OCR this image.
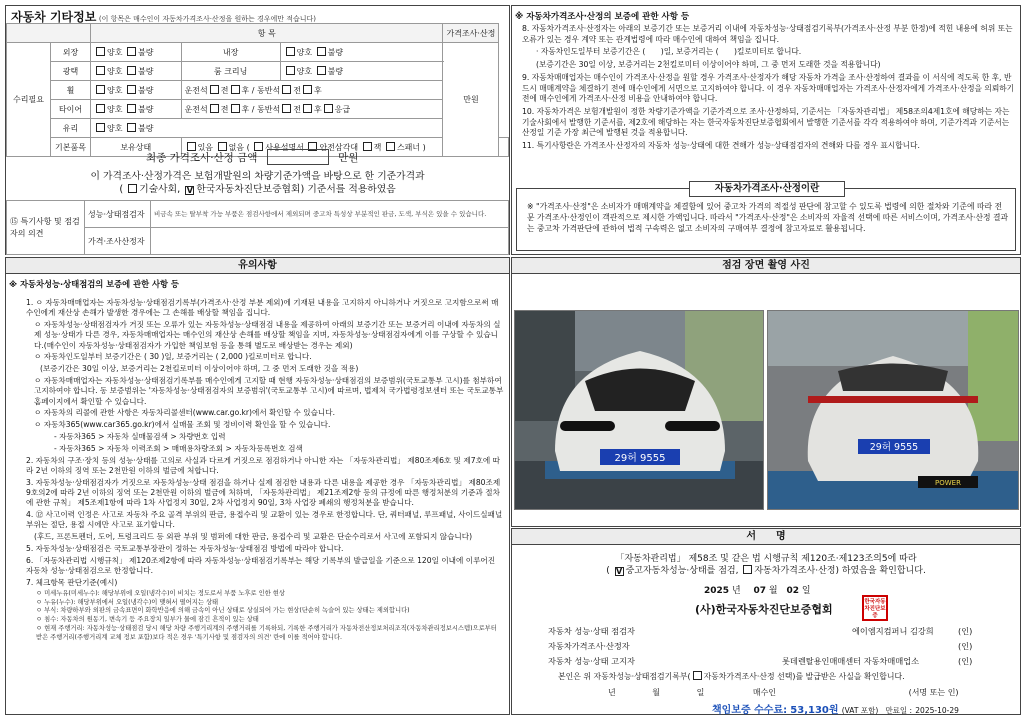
자동차 기타정보 (이 항목은 매수인이 자동차가격조사·산정을 원하는 경우에만 적습니다)
		항 목			가격조사·산정	
수리필요	외장	양호 불량	내장	양호 불량	만원	
	광택	양호 불량	룸 크리닝	양호 불량		
	휠	양호 불량	운전석 전 후 / 동반석 전 후			
	타이어	양호 불량	운전석 전 후 / 동반석 전 후 응급			
	유리	양호 불량				
	기본품목	보유상태	있음 없음 ( 사용설명서 안전삼각대 잭 스패너 )			
최종 가격조사·산정 금액	만원
이 가격조사·산정가격은 보험개발원의 차량기준가액을 바탕으로 한 기준가격과
( 기술사회, V 한국자동차진단보증협회) 기준서를 적용하였음
⑮ 특기사항 및 점검자의 의견	성능·상태점검자	비금속 또는 탈부착 가능 부품은 점검사항에서 제외되며 중고차 특성상 부분적인 판금, 도색, 부식은 있을 수 있습니다.
	가격·조사산정자	
※ 자동차가격조사·산정의 보증에 관한 사항 등

8. 자동차가격조사·산정자는 아래의 보증기간 또는 보증거리 이내에 자동차성능·상태점검기록부(가격조사·산정 부분 한정)에 적힌 내용에 허위 또는 오류가 있는 경우 계약 또는 관계법령에 따라 매수인에 대하여 책임을 집니다.

· 자동차인도일부터 보증기간은 (　　)일, 보증거리는 (　　)킬로미터로 합니다.

(보증기간은 30일 이상, 보증거리는 2천킬로미터 이상이어야 하며, 그 중 먼저 도래한 것을 적용합니다)

9. 자동차매매업자는 매수인이 가격조사·산정을 원할 경우 가격조사·산정자가 해당 자동차 가격을 조사·산정하여 결과를 이 서식에 적도록 한 후, 반드시 매매계약을 체결하기 전에 매수인에게 서면으로 고지하여야 합니다. 이 경우 자동차매매업자는 가격조사·산정자에게 가격조사·산정을 의뢰하기 전에 매수인에게 가격조사·산정 비용을 안내하여야 합니다.

10. 자동차가격은 보험개발원이 정한 차량기준가액을 기준가격으로 조사·산정하되, 기준서는 「자동차관리법」 제58조의4제1호에 해당하는 자는 기술사회에서 발행한 기준서를, 제2호에 해당하는 자는 한국자동차진단보증협회에서 발행한 기준서를 각각 적용하여야 하며, 기준가격과 기준서는 산정일 기준 가장 최근에 발행된 것을 적용합니다.

11. 특기사항란은 가격조사·산정자의 자동차 성능·상태에 대한 견해가 성능·상태점검자의 견해와 다를 경우 표시합니다.

자동차가격조사·산정이란
※ "가격조사·산정"은 소비자가 매매계약을 체결함에 있어 중고차 가격의 적절성 판단에 참고할 수 있도록 법령에 의한 절차와 기준에 따라 전문 가격조사·산정인이 객관적으로 제시한 가액입니다. 따라서 "가격조사·산정"은 소비자의 자율적 선택에 따른 서비스이며, 가격조사·산정 결과는 중고차 가격판단에 관하여 법적 구속력은 없고 소비자의 구매여부 결정에 참고자료로 활용됩니다.
유의사항
※ 자동차성능·상태점검의 보증에 관한 사항 등

1. ㅇ 자동차매매업자는 자동차성능·상태점검기록부(가격조사·산정 부분 제외)에 기재된 내용을 고지하지 아니하거나 거짓으로 고지함으로써 매수인에게 재산상 손해가 발생한 경우에는 그 손해를 배상할 책임을 집니다.

ㅇ 자동차성능·상태점검자가 거짓 또는 오류가 있는 자동차성능·상태점검 내용을 제공하여 아래의 보증기간 또는 보증거리 이내에 자동차의 실제 성능·상태가 다른 경우, 자동차매매업자는 매수인의 재산상 손해를 배상할 책임을 지며, 자동차성능·상태점검자에게 이를 구상할 수 있습니다.(매수인이 자동차성능·상태점검자가 가입한 책임보험 등을 통해 별도로 배상받는 경우는 제외)

ㅇ 자동차인도일부터 보증기간은 ( 30 )일, 보증거리는 ( 2,000 )킬로미터로 합니다.

(보증기간은 30일 이상, 보증거리는 2천킬로미터 이상이어야 하며, 그 중 먼저 도래한 것을 적용)

ㅇ 자동차매매업자는 자동차성능·상태점검기록부를 매수인에게 고지할 때 현행 자동차성능·상태점검의 보증범위(국토교통부 고시)를 첨부하여 고지하여야 합니다. 동 보증범위는 '자동차성능·상태점검자의 보증범위'(국토교통부 고시)에 따르며, 법제처 국가법령정보센터 또는 국토교통부 홈페이지에서 확인할 수 있습니다.

ㅇ 자동차의 리콜에 관한 사항은 자동차리콜센터(www.car.go.kr)에서 확인할 수 있습니다.

ㅇ 자동차365(www.car365.go.kr)에서 실매물 조회 및 정비이력 확인을 할 수 있습니다.

- 자동차365 > 자동차 실매물검색 > 차량번호 입력

- 자동차365 > 자동차 이력조회 > 매매용차량조회 > 자동차등록번호 검색

2. 자동차의 구조·장치 등의 성능·상태를 고의로 사실과 다르게 거짓으로 점검하거나 아니한 자는 「자동차관리법」 제80조제6호 및 제7호에 따라 2년 이하의 징역 또는 2천만원 이하의 벌금에 처합니다.

3. 자동차성능·상태점검자가 거짓으로 자동차성능·상태 점검을 하거나 실제 점검한 내용과 다른 내용을 제공한 경우 「자동차관리법」 제80조제9호의2에 따라 2년 이하의 징역 또는 2천만원 이하의 벌금에 처하며, 「자동차관리법」 제21조제2항 등의 규정에 따른 행정처분의 기준과 절차에 관한 규칙」 제5조제1항에 따라 1차 사업정지 30일, 2차 사업정지 90일, 3차 사업장 폐쇄의 행정처분을 받습니다.

4. ⑫ 사고이력 인정은 사고로 자동차 주요 골격 부위의 판금, 용접수리 및 교환이 있는 경우로 한정합니다. 단, 쿼터패널, 루프패널, 사이드실패널 부위는 절단, 용접 시에만 사고로 표기합니다.

(후드, 프론트펜더, 도어, 트렁크리드 등 외판 부위 및 범퍼에 대한 판금, 용접수리 및 교환은 단순수리로서 사고에 포함되지 않습니다)

5. 자동차성능·상태점검은 국토교통부장관이 정하는 자동차성능·상태점검 방법에 따라야 합니다.

6. 「자동차관리법 시행규칙」 제120조제2항에 따라 자동차성능·상태점검기록부는 해당 기록부의 발급일을 기준으로 120일 이내에 이루어진 자동차 성능·상태점검으로 한정합니다.

7. 체크항목 판단기준(예시)

ㅇ 미세누유(미세누수): 해당부위에 오일(냉각수)이 비치는 정도로서 부품 노후로 인한 현상
ㅇ 누유(누수): 해당부위에서 오일(냉각수)이 맺혀서 떨어지는 상태
ㅇ 부식: 차량하부와 외판의 금속표면이 화학반응에 의해 금속이 아닌 상태로 상실되어 가는 현상(단순히 녹슬어 있는 상태는 제외합니다)
ㅇ 침수: 자동차의 원동기, 변속기 등 주요장치 일부가 물에 잠긴 흔적이 있는 상태
ㅇ 현재 주행거리: 자동차성능·상태점검 당시 해당 차량 주행거리계의 주행거리를 기록하되, 기록한 주행거리가 자동차전산정보처리조직(자동차관리정보시스템)으로부터 받은 주행거리(주행거리계 교체 정보 포함)보다 적은 경우 '특기사항 및 점검자의 의견' 란에 이를 적어야 합니다.
점검 장면 촬영 사진
29허 9555
29허 9555
POWER
서　　명
「자동차관리법」 제58조 및 같은 법 시행규칙 제120조·제123조의5에 따라
( V 중고자동차성능·상태를 점검, 자동차가격조사·산정) 하였음을 확인합니다.
2025 년 07 월 02 일
(사)한국자동차진단보증협회
한국자동차진단보증
자동차 성능·상태 점검자	에이엠지컴퍼니 김강희	(인)
자동차가격조사·산정자	(인)
자동차 성능·상태 고지자	롯데렌탈용인매매센터 자동차매매업소	(인)
본인은 위 자동차성능·상태점검기록부( 자동차가격조사·산정 선택)를 발급받은 사실을 확인합니다.
년	월	일	매수인	(서명 또는 인)
책임보증 수수료: 53,130원 (VAT 포함) 만료일 : 2025-10-29
